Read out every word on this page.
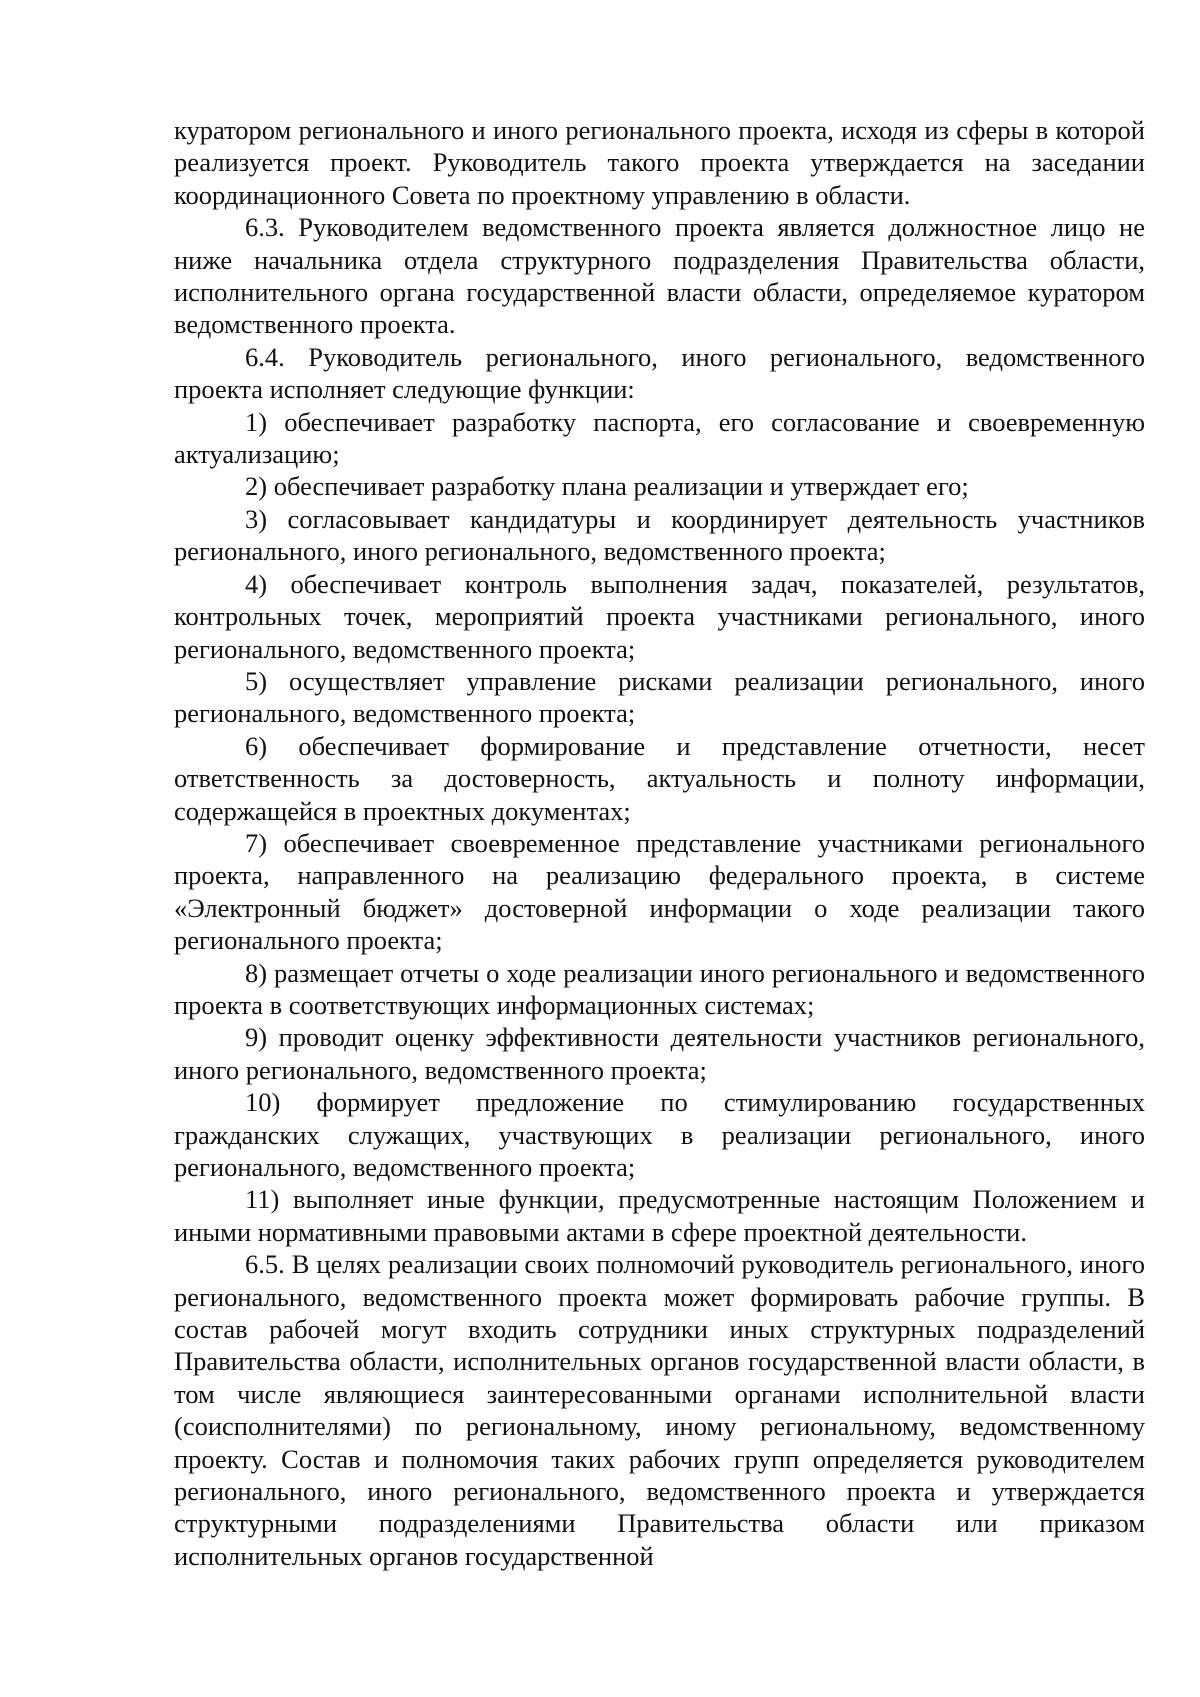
куратором регионального и иного регионального проекта, исходя из сферы в которой реализуется проект. Руководитель такого проекта утверждается на заседании координационного Совета по проектному управлению в области.

6.3. Руководителем ведомственного проекта является должностное лицо не ниже начальника отдела структурного подразделения Правительства области, исполнительного органа государственной власти области, определяемое куратором ведомственного проекта.

6.4. Руководитель регионального, иного регионального, ведомственного проекта исполняет следующие функции:

1) обеспечивает разработку паспорта, его согласование и своевременную актуализацию;

2) обеспечивает разработку плана реализации и утверждает его;

3) согласовывает кандидатуры и координирует деятельность участников регионального, иного регионального, ведомственного проекта;

4) обеспечивает контроль выполнения задач, показателей, результатов, контрольных точек, мероприятий проекта участниками регионального, иного регионального, ведомственного проекта;

5) осуществляет управление рисками реализации регионального, иного регионального, ведомственного проекта;

6) обеспечивает формирование и представление отчетности, несет ответственность за достоверность, актуальность и полноту информации, содержащейся в проектных документах;

7) обеспечивает своевременное представление участниками регионального проекта, направленного на реализацию федерального проекта, в системе «Электронный бюджет» достоверной информации о ходе реализации такого регионального проекта;

8) размещает отчеты о ходе реализации иного регионального и ведомственного проекта в соответствующих информационных системах;

9) проводит оценку эффективности деятельности участников регионального, иного регионального, ведомственного проекта;

10) формирует предложение по стимулированию государственных гражданских служащих, участвующих в реализации регионального, иного регионального, ведомственного проекта;

11) выполняет иные функции, предусмотренные настоящим Положением и иными нормативными правовыми актами в сфере проектной деятельности.

6.5. В целях реализации своих полномочий руководитель регионального, иного регионального, ведомственного проекта может формировать рабочие группы. В состав рабочей могут входить сотрудники иных структурных подразделений Правительства области, исполнительных органов государственной власти области, в том числе являющиеся заинтересованными органами исполнительной власти (соисполнителями) по региональному, иному региональному, ведомственному проекту. Состав и полномочия таких рабочих групп определяется руководителем регионального, иного регионального, ведомственного проекта и утверждается структурными подразделениями Правительства области или приказом исполнительных органов государственной
